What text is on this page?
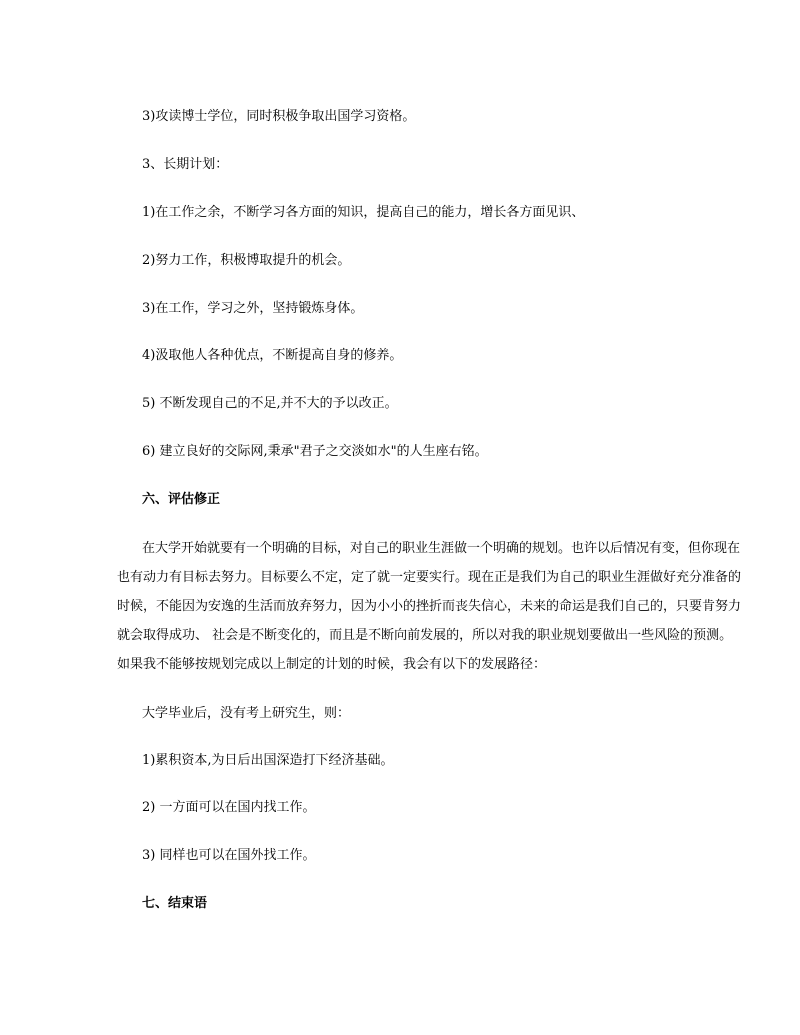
3)攻读博士学位，同时积极争取出国学习资格。
3、长期计划：
1)在工作之余，不断学习各方面的知识，提高自己的能力，增长各方面见识、
2)努力工作，积极博取提升的机会。
3)在工作，学习之外，坚持锻炼身体。
4)汲取他人各种优点，不断提高自身的修养。
5) 不断发现自己的不足,并不大的予以改正。
6) 建立良好的交际网,秉承"君子之交淡如水"的人生座右铭。
六、评估修正
在大学开始就要有一个明确的目标，对自己的职业生涯做一个明确的规划。也许以后情况有变，但你现在
也有动力有目标去努力。目标要么不定，定了就一定要实行。现在正是我们为自己的职业生涯做好充分准备的
时候，不能因为安逸的生活而放弃努力，因为小小的挫折而丧失信心，未来的命运是我们自己的，只要肯努力
就会取得成功、 社会是不断变化的，而且是不断向前发展的，所以对我的职业规划要做出一些风险的预测。
如果我不能够按规划完成以上制定的计划的时候，我会有以下的发展路径：
大学毕业后，没有考上研究生，则：
1)累积资本,为日后出国深造打下经济基础。
2) 一方面可以在国内找工作。
3) 同样也可以在国外找工作。
七、结束语
